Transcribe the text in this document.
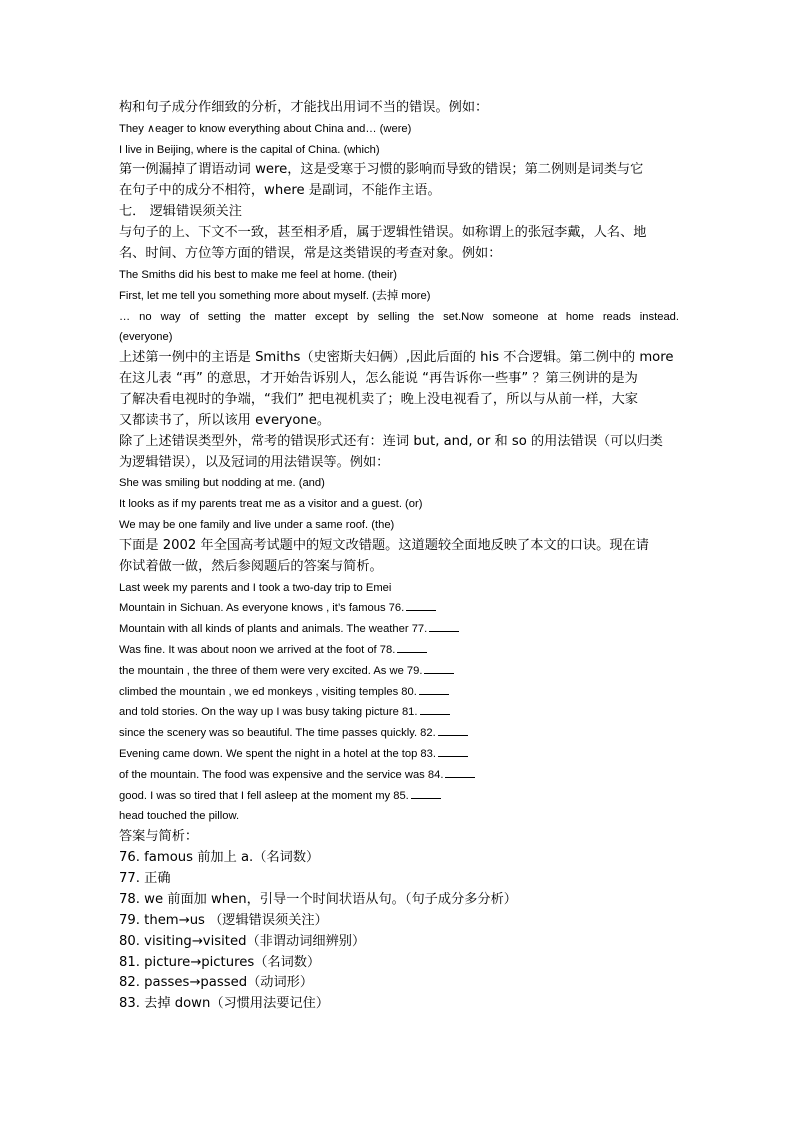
构和句子成分作细致的分析，才能找出用词不当的错误。例如：
They ∧eager to know everything about China and… (were)
I live in Beijing, where is the capital of China. (which)
第一例漏掉了谓语动词 were，这是受寒于习惯的影响而导致的错误；第二例则是词类与它
在句子中的成分不相符，where 是副词，不能作主语。
七． 逻辑错误须关注
与句子的上、下文不一致，甚至相矛盾，属于逻辑性错误。如称谓上的张冠李戴，人名、地
名、时间、方位等方面的错误，常是这类错误的考查对象。例如：
The Smiths did his best to make me feel at home. (their)
First, let me tell you something more about myself. (去掉 more)
… no way of setting the matter except by selling the set.Now someone at home reads instead.
(everyone)
上述第一例中的主语是 Smiths（史密斯夫妇俩）,因此后面的 his 不合逻辑。第二例中的 more
在这儿表 “再” 的意思，才开始告诉别人，怎么能说 “再告诉你一些事” ？第三例讲的是为
了解决看电视时的争端，“我们” 把电视机卖了；晚上没电视看了，所以与从前一样，大家
又都读书了，所以该用 everyone。
除了上述错误类型外，常考的错误形式还有：连词 but, and, or 和 so 的用法错误（可以归类
为逻辑错误），以及冠词的用法错误等。例如：
She was smiling but nodding at me. (and)
It looks as if my parents treat me as a visitor and a guest. (or)
We may be one family and live under a same roof. (the)
下面是 2002 年全国高考试题中的短文改错题。这道题较全面地反映了本文的口诀。现在请
你试着做一做，然后参阅题后的答案与简析。
Last week my parents and I took a two-day trip to Emei
Mountain in Sichuan. As everyone knows , it’s famous 76.
Mountain with all kinds of plants and animals. The weather 77.
Was fine. It was about noon we arrived at the foot of 78.
the mountain , the three of them were very excited. As we 79.
climbed the mountain , we ed monkeys , visiting temples 80.
and told stories. On the way up I was busy taking picture 81.
since the scenery was so beautiful. The time passes quickly. 82.
Evening came down. We spent the night in a hotel at the top 83.
of the mountain. The food was expensive and the service was 84.
good. I was so tired that I fell asleep at the moment my 85.
head touched the pillow.
答案与简析：
76. famous 前加上 a.（名词数）
77. 正确
78. we 前面加 when，引导一个时间状语从句。（句子成分多分析）
79. them→us （逻辑错误须关注）
80. visiting→visited（非谓动词细辨别）
81. picture→pictures（名词数）
82. passes→passed（动词形）
83. 去掉 down（习惯用法要记住）
